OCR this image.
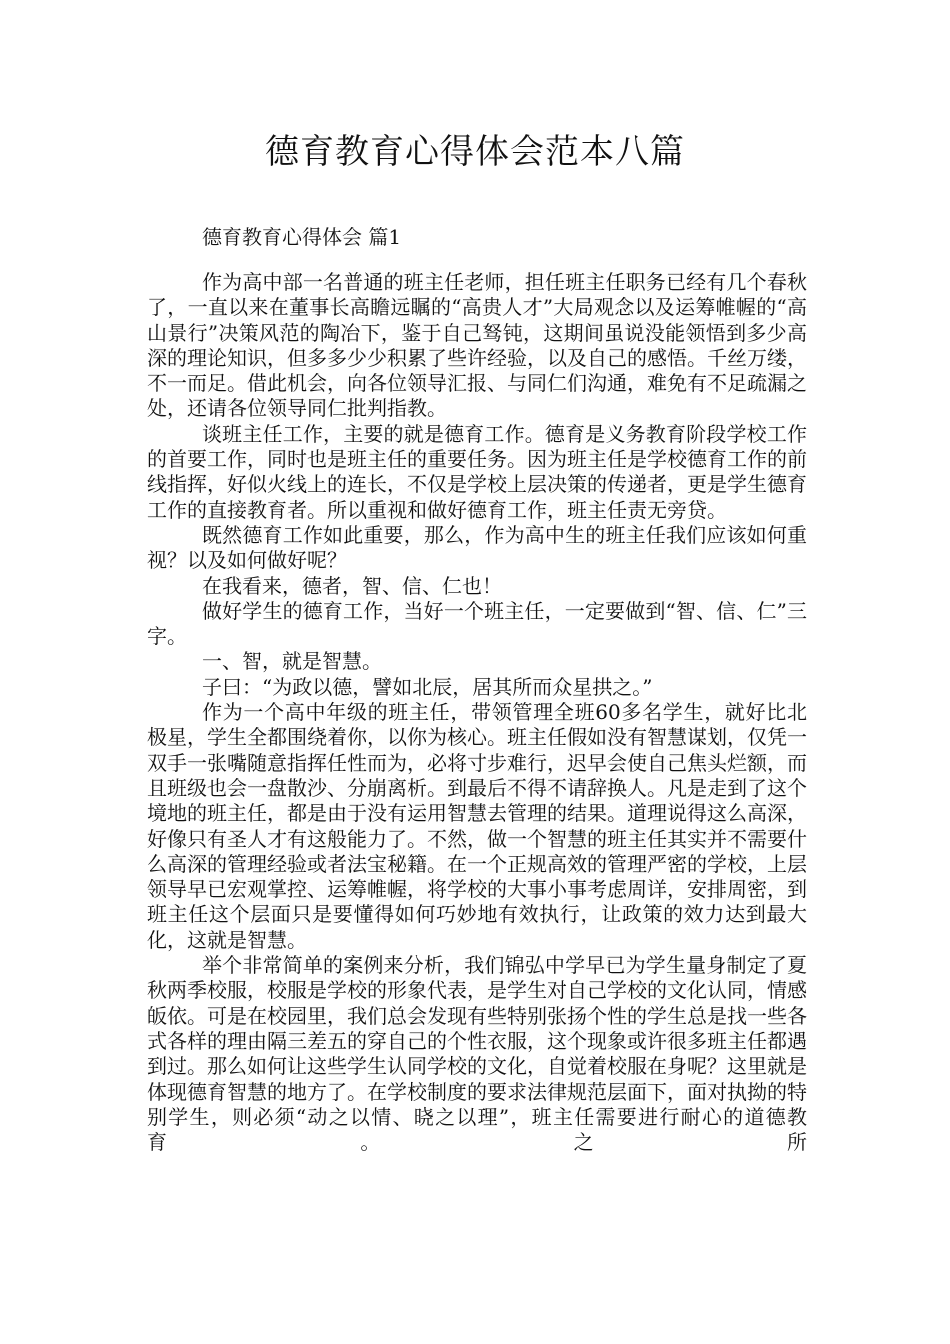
德育教育心得体会范本八篇
德育教育心得体会 篇1

作为高中部一名普通的班主任老师，担任班主任职务已经有几个春秋了，一直以来在董事长高瞻远瞩的“高贵人才”大局观念以及运筹帷幄的“高山景行”决策风范的陶冶下，鉴于自己驽钝，这期间虽说没能领悟到多少高深的理论知识，但多多少少积累了些许经验，以及自己的感悟。千丝万缕，不一而足。借此机会，向各位领导汇报、与同仁们沟通，难免有不足疏漏之处，还请各位领导同仁批判指教。

谈班主任工作，主要的就是德育工作。德育是义务教育阶段学校工作的首要工作，同时也是班主任的重要任务。因为班主任是学校德育工作的前线指挥，好似火线上的连长，不仅是学校上层决策的传递者，更是学生德育工作的直接教育者。所以重视和做好德育工作，班主任责无旁贷。

既然德育工作如此重要，那么，作为高中生的班主任我们应该如何重视？以及如何做好呢？

在我看来，德者，智、信、仁也！

做好学生的德育工作，当好一个班主任，一定要做到“智、信、仁”三字。

一、智，就是智慧。

子曰：“为政以德，譬如北辰，居其所而众星拱之。”

作为一个高中年级的班主任，带领管理全班60多名学生，就好比北极星，学生全都围绕着你，以你为核心。班主任假如没有智慧谋划，仅凭一双手一张嘴随意指挥任性而为，必将寸步难行，迟早会使自己焦头烂额，而且班级也会一盘散沙、分崩离析。到最后不得不请辞换人。凡是走到了这个境地的班主任，都是由于没有运用智慧去管理的结果。道理说得这么高深，好像只有圣人才有这般能力了。不然，做一个智慧的班主任其实并不需要什么高深的管理经验或者法宝秘籍。在一个正规高效的管理严密的学校，上层领导早已宏观掌控、运筹帷幄，将学校的大事小事考虑周详，安排周密，到班主任这个层面只是要懂得如何巧妙地有效执行，让政策的效力达到最大化，这就是智慧。

举个非常简单的案例来分析，我们锦弘中学早已为学生量身制定了夏秋两季校服，校服是学校的形象代表，是学生对自己学校的文化认同，情感皈依。可是在校园里，我们总会发现有些特别张扬个性的学生总是找一些各式各样的理由隔三差五的穿自己的个性衣服，这个现象或许很多班主任都遇到过。那么如何让这些学生认同学校的文化，自觉着校服在身呢？这里就是体现德育智慧的地方了。在学校制度的要求法律规范层面下，面对执拗的特别学生，则必须“动之以情、晓之以理”，班主任需要进行耐心的道德教育。之所
